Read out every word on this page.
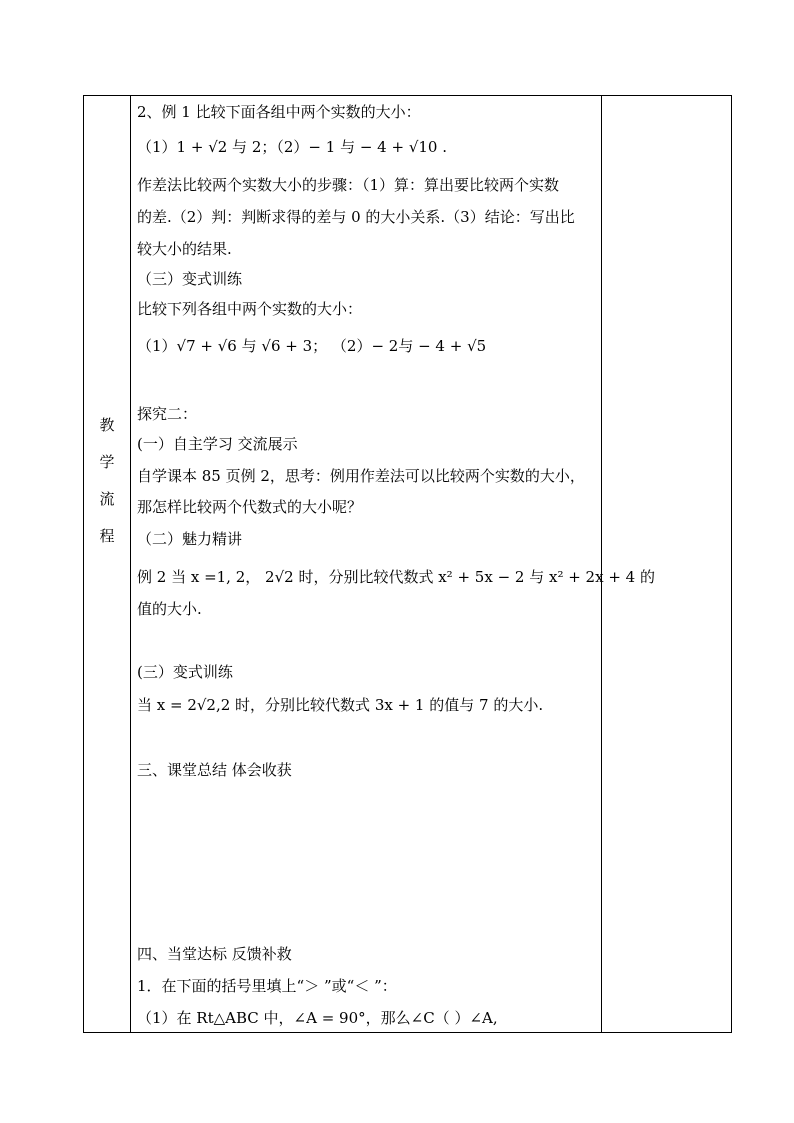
教
学
流
程
2、例 1 比较下面各组中两个实数的大小：
（1）1 + √2 与 2；（2）− 1 与 − 4 + √10 .
作差法比较两个实数大小的步骤：（1）算：算出要比较两个实数
的差.（2）判：判断求得的差与 0 的大小关系.（3）结论：写出比
较大小的结果.
（三）变式训练
比较下列各组中两个实数的大小：
（1）√7 + √6 与 √6 + 3； （2）− 2与 − 4 + √5
探究二：
(一）自主学习 交流展示
自学课本 85 页例 2，思考：例用作差法可以比较两个实数的大小，
那怎样比较两个代数式的大小呢？
（二）魅力精讲
例 2 当 x =1, 2， 2√2 时，分别比较代数式 x² + 5x − 2 与 x² + 2x + 4 的
值的大小.
(三）变式训练
当 x = 2√2,2 时，分别比较代数式 3x + 1 的值与 7 的大小.
三、课堂总结 体会收获
四、当堂达标 反馈补救
1．在下面的括号里填上“＞ ”或“＜ ”：
（1）在 Rt△ABC 中，∠A = 90°，那么∠C（ ）∠A,
